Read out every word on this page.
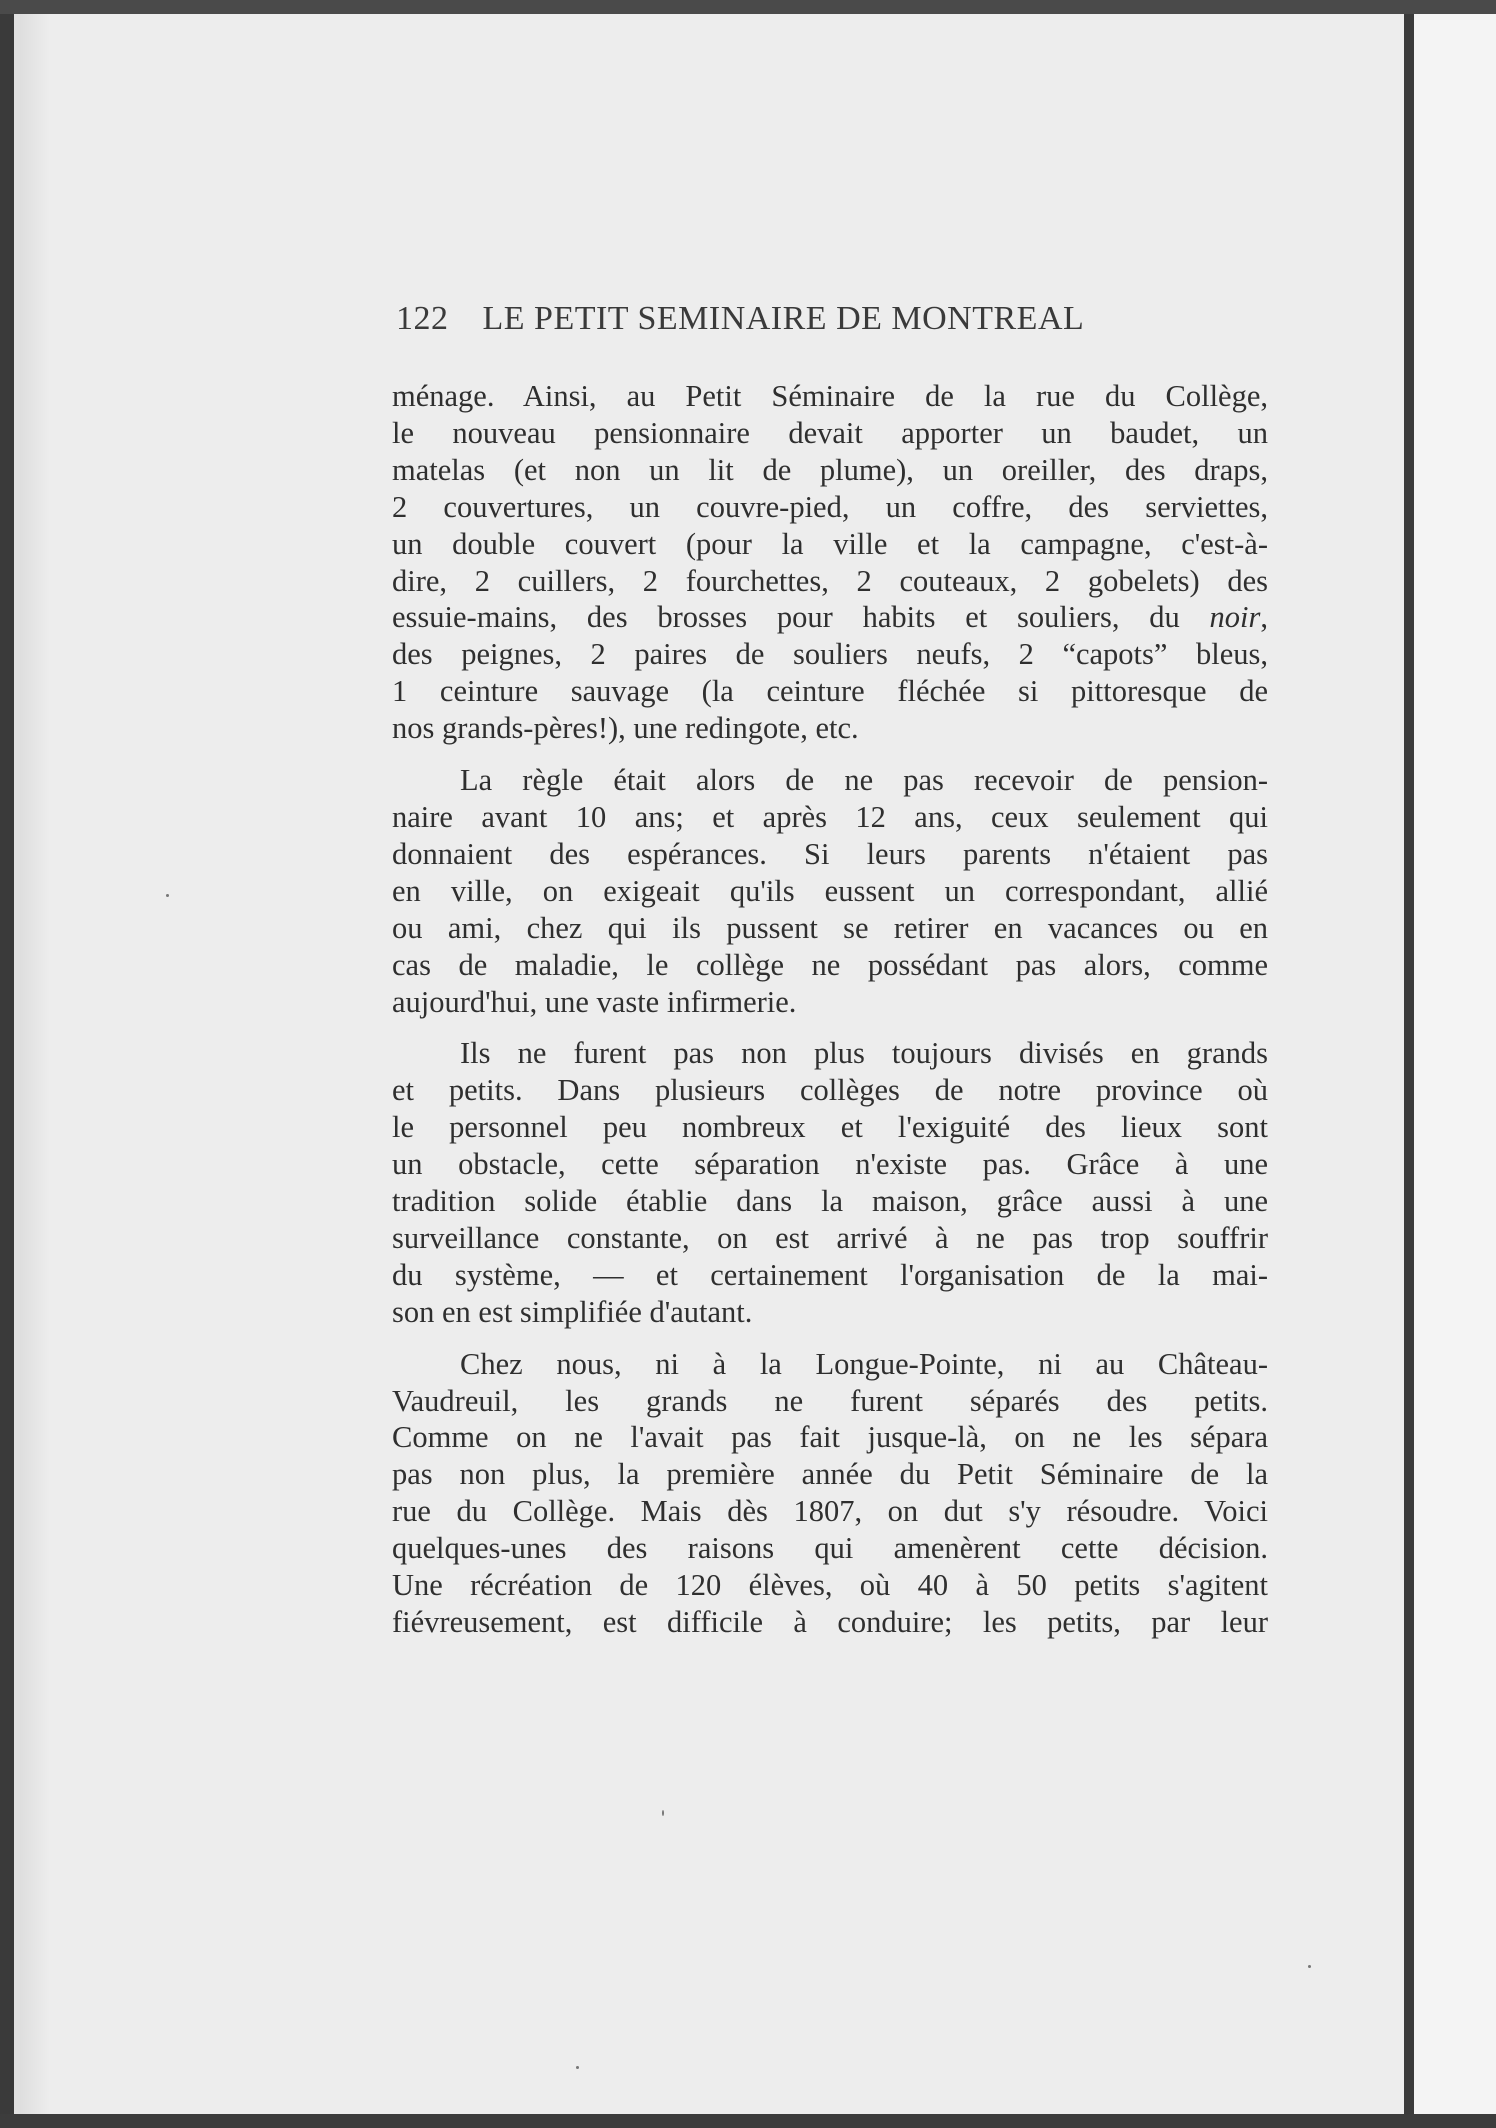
122 LE PETIT SEMINAIRE DE MONTREAL
ménage. Ainsi, au Petit Séminaire de la rue du Collège,
le nouveau pensionnaire devait apporter un baudet, un
matelas (et non un lit de plume), un oreiller, des draps,
2 couvertures, un couvre-pied, un coffre, des serviettes,
un double couvert (pour la ville et la campagne, c'est-à-
dire, 2 cuillers, 2 fourchettes, 2 couteaux, 2 gobelets) des
essuie-mains, des brosses pour habits et souliers, du noir,
des peignes, 2 paires de souliers neufs, 2 “capots” bleus,
1 ceinture sauvage (la ceinture fléchée si pittoresque de
nos grands-pères!), une redingote, etc.
La règle était alors de ne pas recevoir de pension-
naire avant 10 ans; et après 12 ans, ceux seulement qui
donnaient des espérances. Si leurs parents n'étaient pas
en ville, on exigeait qu'ils eussent un correspondant, allié
ou ami, chez qui ils pussent se retirer en vacances ou en
cas de maladie, le collège ne possédant pas alors, comme
aujourd'hui, une vaste infirmerie.
Ils ne furent pas non plus toujours divisés en grands
et petits. Dans plusieurs collèges de notre province où
le personnel peu nombreux et l'exiguité des lieux sont
un obstacle, cette séparation n'existe pas. Grâce à une
tradition solide établie dans la maison, grâce aussi à une
surveillance constante, on est arrivé à ne pas trop souffrir
du système, — et certainement l'organisation de la mai-
son en est simplifiée d'autant.
Chez nous, ni à la Longue-Pointe, ni au Château-
Vaudreuil, les grands ne furent séparés des petits.
Comme on ne l'avait pas fait jusque-là, on ne les sépara
pas non plus, la première année du Petit Séminaire de la
rue du Collège. Mais dès 1807, on dut s'y résoudre. Voici
quelques-unes des raisons qui amenèrent cette décision.
Une récréation de 120 élèves, où 40 à 50 petits s'agitent
fiévreusement, est difficile à conduire; les petits, par leur
